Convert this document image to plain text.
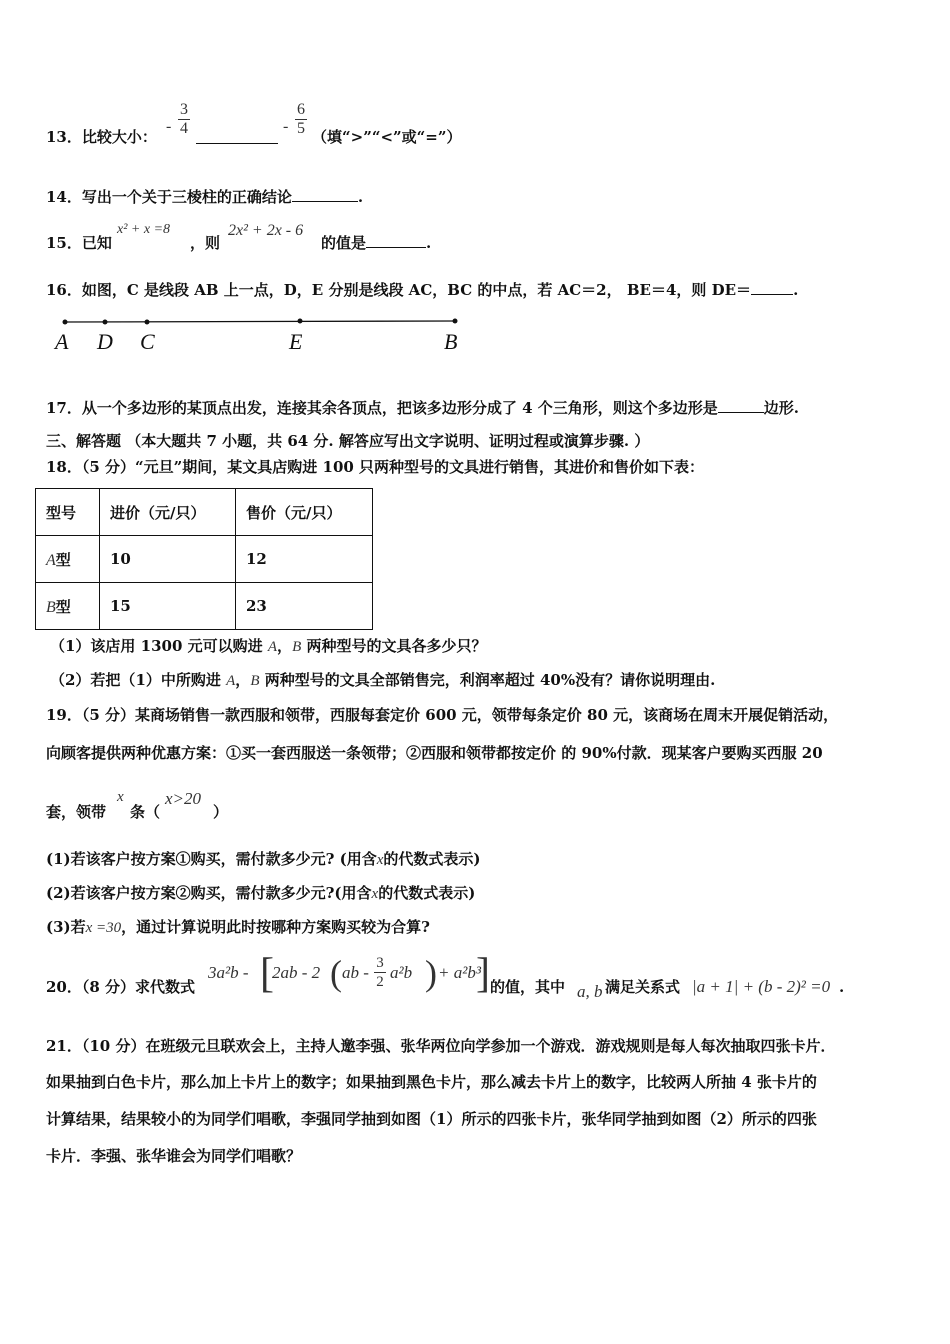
13．比较大小：
-
3
4	-
6
5 （填“>”“<”或“=”）
14．写出一个关于三棱柱的正确结论	.
15．已知
x² + x =8
，则
2x² + 2x - 6
的值是	.
16．如图，C 是线段 AB 上一点，D，E 分别是线段 AC，BC 的中点，若 AC＝2， BE＝4，则 DE＝	.
A D C	E	B
17．从一个多边形的某顶点出发，连接其余各顶点，把该多边形分成了 4 个三角形，则这个多边形是	边形.
三、解答题 （本大题共 7 小题，共 64 分. 解答应写出文字说明、证明过程或演算步骤. ）
18．（5 分）“元旦”期间，某文具店购进 100 只两种型号的文具进行销售，其进价和售价如下表：
型号	进价（元/只）	售价（元/只）
A型	10	12
B型	15	23
（1）该店用 1300 元可以购进 A，B 两种型号的文具各多少只？
（2）若把（1）中所购进 A，B 两种型号的文具全部销售完，利润率超过 40%没有？请你说明理由.
19．（5 分）某商场销售一款西服和领带，西服每套定价 600 元，领带每条定价 80 元，该商场在周末开展促销活动，
向顾客提供两种优惠方案：①买一套西服送一条领带；②西服和领带都按定价 的 90%付款．现某客户要购买西服 20
套，领带
x
条（
x>20
）
(1)若该客户按方案①购买，需付款多少元? (用含x的代数式表示)
(2)若该客户按方案②购买，需付款多少元?(用含x的代数式表示)
(3)若x =30，通过计算说明此时按哪种方案购买较为合算?
20．（8 分）求代数式
3a²b - [
2ab - 2 ( ab - 3
2 a²b ) + a²b³
] 的值，其中 a, b 满足关系式 |a + 1| + (b - 2)² =0 .
21．（10 分）在班级元旦联欢会上，主持人邀李强、张华两位向学参加一个游戏．游戏规则是每人每次抽取四张卡片．
如果抽到白色卡片，那么加上卡片上的数字；如果抽到黑色卡片，那么减去卡片上的数字，比较两人所抽 4 张卡片的
计算结果，结果较小的为同学们唱歌，李强同学抽到如图（1）所示的四张卡片，张华同学抽到如图（2）所示的四张
卡片．李强、张华谁会为同学们唱歌？
